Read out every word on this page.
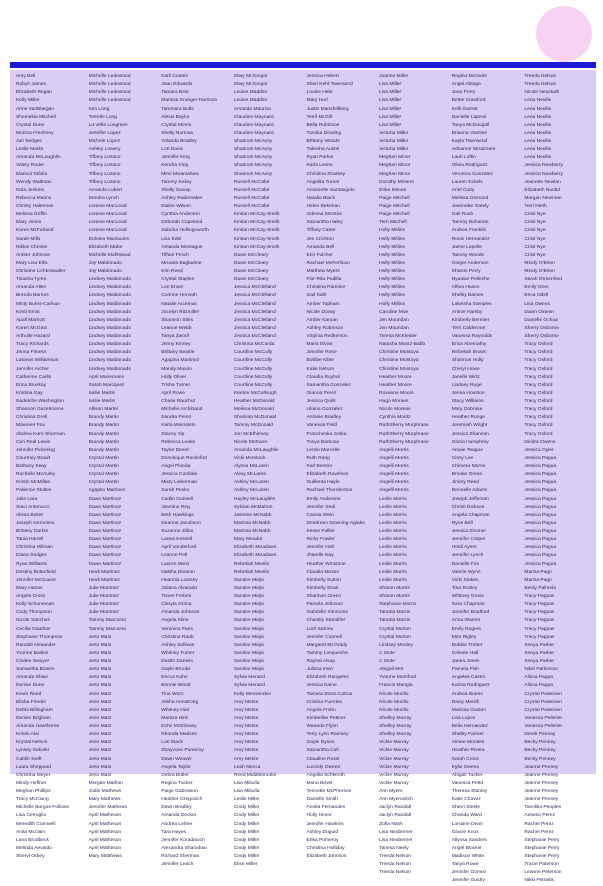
Amy Bell
Robyn James
Elizabeth Regan
Kelly Miller
Anne VanBlargan
Shemekia Mitchell
Crystal Dunn
Monica Freshney
Juri Sedges
Leslie Marks
Amanda McLaughlin
Valery Rader
Marisol Tafolla
Wendy Waltman
Nola Jenkins
Rebecca Manns
Christy Halteman
Melissa Griffin
Mary Jones
Karen McFarland
Sarah Mills
Nikkie Christie
Amber Johnson
Mary Lisa Ellis
Christine Lichtenwalter
Tisasha Tyres
Amanda Allen
Brenda Barnes
Misty Burns-Carlson
Kesti Ernst
Apall Marriott
Karen McGinn
Arthulle Hazard
Tracy Richards
Jenna Fitness
Latoeas Williamson
Jennifer Archer
Catherine Carlin
Erica Bruskay
Kristina Gay
Nadetche Washington
Shannon Gazelmorne
Christina Grell
Maureen Fox
Abdrea Korn-Sherman
Ceri Real Lewis
Jennifer Pickering
Courtney Brault
Bethany Seay
Racheile McAuley
Kristin McMillan
Patience Stultes
Julie Lara
Staci Antonucci
Alissa Boker
Joseph Geronimo
Brittany Durbin
Tania Harrell
Christina Hillman
Diana Sedges
Ryan Williams
Destiny Butterfield
Jennifer McGuaire
Mary Hamer
Angela Cross
Kelly Schuneman
Cody Thompson
Nicole Sanchez
Cecilia Gauthier
Stephanie Thompson
Randall Alexander
Yvonne Baskin
Cindee Swoyer
Samantha Bowen
Amanda Shaw
Denise Dunn
Kevin Reed
Elisha Friedel
Debbi Billingham
Denise Brigham
Amanda Hawthorne
Kristin Alai
Krystal Nelson
Lynsey Sokoler
Caitlin Swift
Laura Sheppard
Christina Meyer
Mindy Heffner
Meghan Phillips
Tracy McClung
Michelle Burgos-Follows
Lisa Cerruglio
Meredith Cornwell
Anita Mcclain
Lana Brodbeck
Melinda Aevaldo
Sheryl Orbey
Michelle Ledewood
Michelle Ledewood
Michelle Ledewood
Michelle Ledewood
Kim Long
Terrelle Long
La Vella Longmire
Jennifer Lopez
Michele Lopez
Ashley Lowery
Tiffany Lozano
Tiffany Lozano
Tiffany Lozano
Tiffany Lozano
Amanda Lubert
Deedra Lynch
Leanne MacLeod
Leanne MacLeod
Leanne MacLeod
Leanne MacLeod
Dolores Maclaurim
Elizabeth Mabe
Michelle Mahlstead
Joy Maldonado
Joy Maldonado
Lindsey Maldonado
Lindsey Maldonado
Lindsey Maldonado
Lindsey Maldonado
Lindsey Maldonado
Lindsey Maldonado
Lindsey Maldonado
Lindsey Maldonado
Lindsey Maldonado
Lindsey Maldonado
Lindsey Maldonado
Lindsey Maldonado
April Manemann
Sarah Marcquez
Ianlie Martin
Ianlie Martin
Allison Martel
Brandy Martin
Brandy Martin
Brandy Martin
Brandy Martin
Brandy Martin
Crystal Martin
Crystal Martin
Crystal Martin
Crystal Martin
Agapito Martinez
Dawn Martinez
Dawn Martinez
Dawn Martinez
Dawn Martinez
Dawn Martinez
Dawn Martinez
Dawn Martinez
Dawn Martinez
Dawn Martinez
Heidi Martinez
Heidi Martinez
Julie Martinez
Julie Martinez
Julie Martinez
Julie Martinez
Tammy Marcurso
Tammy Marcurso
Jenn Mast
Jenn Mast
Jenn Mast
Jenn Mast
Jenn Mast
Jenn Mast
Jenn Mast
Jenn Mast
Jenn Mast
Jenn Mast
Jenn Mast
Jenn Mast
Jenn Mast
Jenn Mast
Jenn Mast
Jenn Mast
Jenn Mast
Jenn Mast
Morgan Mathon
Jodie Mathews
Mary Mathews
Jennifer Mathews
April Matheson
April Matheson
April Matheson
April Matheson
April Matheson
Mary Matthews
Karli Coates
Jean Edwards
Tamara Best
Marissa Krueger-Harrison
Tammara Bulls
Alexis Baylor
Crystal Morris
Shelly Norman
Yolanda Bradley
Lori Davis
Jennifer King
Kendra King
Mimi Mwaniahwa
Tammy Keiley
Shelly Swoop
Ashley Rademaker
Elaine Wilson
Cynthia Anderson
Deborah Copeland
Sabrina Hollingsworth
Lisa Edel
Amanda Montague
Tiffani Frisch
Micaela Bagladme
Kim Reed
Crystal Staples
Lori Enser
Corinne Horvath
Natalie Arcemas
Jocelyn Ritzmiller
Shannon Sites
Leanne Webb
Tanya Zwoof
Jenny Kinney
Brittany Beattie
Agapina Martinez
Mandy Mason
Holly Oliver
Trisha Turner
April Rowe
Chase Rauchut
Michelle Archiband
Sandra Perez
Karla Weinstein
Stacey Yip
Rebecca Leake
Taylor Deere
Dominique Rockefort
Angel Pineda
Jessica Cordiala
Misty Lieberman
Sarah Pesko
Caitlin Gunnell
Jasmine Reg
Beth Hawkings
Deanna Jacobson
Suzanne Jibbs
Lanea Kessell
April Vanderford
Leanne Pell
Lauren West
Nakiha Draxton
Heannia Lowney
Juliana Alvarado
Tonee Forbes
Claryta Grima
Amanda Johnson
Angela Kline
Veronica Paris
Christina Raub
Ashley Sullivan
Whitney Turner
Dustin Daniels
Gayle Brooks
Ericca Kuhn
Bonnie Wood
Tina Worn
Alisha Armstrong
Whitney Hart
Maritza Hird
Echo McElreavy
Rhonda Madsen
Lori Stack
Shayvone Pomeroy
Dawn Weaver
Angela Taylor
Debra Butler
Regina Tucker
Paige Gabriason
Heather Gregovich
Dawn Bradley
Amanda Decker
Andrea Lehrer
Tara Hayes
Jennifer Koradanich
Alexandra Shanahan
Richard Sherman
Jennifer Leach
Mary McGregor
Mary McGregor
Louise Madden
Louise Madden
Amanda Maurcia
Claudine Maynard
Claudine Maynard
Claudine Maynard
Shannon McAvoy
Shannon McAvoy
Shannon McAvoy
Shannon McAvoy
Shannon McAvoy
Russell McCabe
Russell McCabe
Russell McCabe
Russell McCabe
Kimlan McCay-Smith
Kimlan McCay-Smith
Kimlan McCay-Smith
Kimlan McCay-Smith
Kimlan McCay-Smith
Dawn McCleary
Dawn McCleary
Dawn McCleary
Dawn McCleary
Jessica McClelland
Jessica McClelland
Jessica McClelland
Jessica McClelland
Jessica McClelland
Jessica McClelland
Jessica McClelland
Christina McCorda
Courtline McCully
Courtline McCully
Courtline McCully
Courtline McCully
Courtline McCully
Keeton McCullough
Heather McDonald
Melissa McDonald
Sharissa McDonald
Tammy McDonald
Jon McElhinney
Nicole McEwen
Amanda McLaughlin
Vicki McIntosh
Alyssa McLaren
Alexy McLaren
Ashley McLaren
Ashley McLaren
Hayley McLaughlin
Sylvian McMahon
Jasmine McNabb
Marissa McNabb
Marissa McNabb
Mary Meador
Elizabeth Meadows
Elizabeth Meadows
Rebekah Meeks
Rebekah Meeks
Sandee Mejia
Sandee Mejia
Sandee Mejia
Sandee Mejia
Sandee Mejia
Sandee Mejia
Sandee Mejia
Sandee Mejia
Sandee Mejia
Sandee Mejia
Sandee Mejia
Sandee Mejia
Sylvia Menard
Sylvia Menard
Kelly Messenden
Amy Metze
Amy Metze
Amy Metze
Amy Metze
Amy Metze
Amy Metze
Amy Metze
Amy Metze
Leah Mecca
Reed Middlebrooke
Lisa Mikulla
Lisa Mikulla
Leslie Miller
Cindy Miller
Cindy Miller
Cindy Miller
Cindy Miller
Cindy Miller
Cindy Miller
Cindy Miller
Elise Miller
Jessica Hebert
Sheri Kehl-Townsend
Louise Hebr
Mary Hurl
Justin Mansfellberg
Terril McGill
Bella Robinson
Tumika Dowling
Brittany Woods
Takesha Austin
Ryan Parker
Karla Leone
Christina Sharkey
Angelita Turner
Antoinette Santangelo
Natalia Black
Helen Bekenan
Odessa McIntire
Samantha Haley
Tiffany Carter
Jen Crichton
Amanda Bell
Erin Fulcher
Rachael McFerlican
Matthew Myers
Flor-Rita Padilla
Christina Ramirez
Gail Sahl
Amber Topham
Nicole Dovay
Amber Kaman
Ashley Robinson
Virginia Redkerson
Maria Elvan
Jennifer Rose
Bobbie Kline
Katie Nelson
Claudia Ruybal
Samantha Gonzalez
Gianna Perez
Jessica Quirk
Liliana Gonzalez
Antonie Bradley
Vanessa Field
Francheska Jonka
Tonya Barbosa
Lerzie Marcelle
Ruth Rarig
Karl Benton
Elizabeth Ravelson
Guillenta Hayle
Rachael Thornberton
Emily Anderson
Jennifer Sedi
Cassia Stein
Deirdreen Downing-Agiake
Kesse Fulller
Richy Fowler
Jennifer Hull
Jharelle Nay
Heather Winstone
Claudia Moses
Kimberly Sutton
Kimberly Strait
Shannon Green
Pamela Johnson
Gabrielle Simmons
Chastity Standifer
Lorri Sarnes
Jennifer Connell
Margaret McGrady
Tammy Longuesfor
Rayeal Alsup
Julissa Irwin
Elizabeth Rangeles
Jessica Kaine
Tamara Stoss-Cobos
Cristina Fuentes
Angela Frohn
Kimberlite Pettner
Waneda Flynn
Terry Lynn Ramsey
Gayle Dyson
Samantha Cull
Claudine Rossi
Lucindy Owens
Angelia Schlereth
Mona Bevel
Tennette McPherson
Danielle Smith
Annita Fernandes
Holly Hines
Jennifer Hawkins
Ashley Duguid
Erika Pomeroy
Christina Holliday
Elizabeth Johnson
Joanne Miller
Lisa Miller
Lisa Miller
Lisa Miller
Lisa Miller
Lisa Miller
Lisa Miller
Victoria Miller
Victoria Miller
Victoria Miller
Meghan Miner
Meghan Minor
Meghan Minor
Dorothy Mintero
Erika Minute
Paige Mitchell
Paige Mitchell
Paige Mitchell
Terri Mitchell
Holly Millins
Holly Millins
Holly Millins
Holly Millins
Holly Millins
Holly Millins
Holly Millins
Holly Millins
Holly Millins
Holly Millins
Caroline Moe
Jen Mouridan
Jen Mouridan
Teresa McKlester
Natasha Montz-Babb
Christine Montoya
Christine Montoya
Christine Montoya
Heather Moore
Heather Moore
Roxanne Moore
Hugo Moraes
Nicole Moreau
Cynthia Moritz
RuthSherry Murphrase
RuthSherry Murphrase
RuthSherry Murphrase
Angelli Morris
Angelli Morris
Angelli Morris
Angelli Morris
Angelli Morris
Angelli Morris
Leslie Morris
Leslie Morris
Leslie Morris
Leslie Morris
Leslie Morris
Leslie Morris
Leslie Morris
Leslie Morris
Leslie Morris
Leslie Morris
Leslie Morris
Sharon Morris
Sharon Morris
Stephanie Morris
Tanaria Morris
Tanaria Morris
Crystal Morton
Crystal Morton
Lindsey Mosley
C Mote
C Mote
Abigail Mot
Yvonne Mumford
Francis Mungia
Nicole Murillo
Nicole Murillo
Nicole Murillo
Shelley Murray
Shelley Murray
Shelley Murray
Vickie Murray
Vickie Murray
Vickie Murray
Vickie Murray
Vickie Murray
Vickie Murray
Ann Myers
Ann Myerovitch
Jaclyn Randall
Jaclyn Randall
Zofia Nash
Lisa Neuberner
Lisa Neuberner
Tanesa Neely
Treeda Nelson
Treeda Nelson
Treeda Nelson
Regina McGuire
Angel Abtage
Jean Perry
Bettie Crawford
Kelli Garrett
Danielle Lapeck
Tanya McDougall
Brianna VanDen
Kayla Townsend
Adrianne Wissimore
Lauri Loftin
Olivia Rodriguez
Veronica Gonzalez
Lauren Eckels
Ariel Cutty
Melissa Osmond
Jeannette Gately
Gail Rush
Tammy Bohanan
Andrea Franklin
Rosie Hernandez
Jaime Lapelle
Tammy Woods
Ginger Anderson
Sharon Perry
Nyasian Pelleshe
Alfiea Hasen
Shelby Bames
Lakeisha Samples
Arieze Hamby
Kimberly Bermier
Terri Calderone
Vanessa Raynolds
Erica Abernathy
Rebekah Brown
Shannon Holly
Cheryl Howe
Janelle Wirtz
Lindsey Ruge
Jenna Houston
Stacy Williams
Mary Dobruke
Heather Runge
Jeremiah Wright
Jessica Shannon
Gloria Humphrey
Amaie Teague
Cissy Lee
Chimera Morris
Brooke Green
Jimmy Reed
Dennelle Adams
Joseph Jefferson
Christi Dickson
Angela Chapman
Ryne Brill
Jessica Zimmer
Jennifer Carper
Heidi Ayers
Jennifer Lynch
Danielle Fox
Valerie Wynn
Vicki Stokes
Tina Rosley
Whitney Gross
Sara Chapman
Jennifer Bradford
Anna Warren
Emily Rogers
Mira Rigley
Bobbie Trotter
Celeste Hall
Janea Jones
Pamela Fish
Angelea Castro
Karina Rodriguez
Andrea Bueno
Daisy Merrill
Marissa Gaston
Lisa Lopez
Belia Hernandez
Shelby Farmer
Aimee Morales
Heather Rivera
Sarah Cross
Kylie Owens
Abigail Tucker
Vanessa Pettit
Theresa Stanley
Katie Chavez
Sherri Steele
Chanda Ward
Lorraine Dean
Gracie Knox
Allyssa Sanders
Angel Blocker
Madison White
Tanya Rowe
Jennifer Gomez
Jennifer Guidry
Treeda Nelson
Treeda Nelson
Nicole Neustadt
Lena Neville
Lena Neville
Lena Neville
Lena Neville
Lena Neville
Lena Neville
Lena Neville
Lena Neville
Jessica Newberry
Jessica Newberry
Jeanette Newlan
Elizabeth Nuntid
Morgan Newman
Terri Nieth
Cristi Nye
Cristi Nye
Cristi Nye
Cristi Nye
Cristi Nye
Cristi Nye
Mindy O'Brien
Mindy O'Brien
Sarah Ormenhed
Emily Oner
Erica Odell
Lisa Owens
Dawn Ostenn
Danielle Ochoa
Sherry Osborne
Sherry Osborne
Tracy Oxford
Tracy Oxford
Tracy Oxford
Tracy Oxford
Tracy Oxford
Tracy Oxford
Tracy Oxford
Tracy Oxford
Tracy Oxford
Tracy Oxford
Tracy Oxford
Tracy Oxford
Deidra Owens
Jessica Oyler
Jessica Pagua
Jessica Pagua
Jessica Pagua
Jessica Pagua
Jessica Pagua
Jessica Pagua
Jessica Pagua
Jessica Pagua
Jessica Pagua
Jessica Pagua
Jessica Pagua
Jessica Pagua
Jessica Pagua
Jessica Pagua
Marisa Page
Marisa Page
Benty Palmela
Tracy Pappas
Tracy Pappas
Tracy Pappas
Tracy Pappas
Tracy Pappas
Tracy Pappas
Sonya Parker
Sonya Parker
Sonya Parker
Nikki Parkinson
Alissa Pappa
Alissa Pappa
Crystal Pedersen
Crystal Pedersen
Crystal Pedersen
Vanessa Pelletier
Vanessa Pelletier
Derek Pennay
Becky Penney
Becky Penney
Becky Penney
Jeanne Penney
Jeanne Penney
Jeanne Penney
Jeanne Penney
Jeanne Penney
Tamilika Peoples
Antonio Perez
Rachel Perez
Rachel Perez
Stephanie Perry
Stephanie Perry
Stephanie Perry
Tracie Paterson
Leanne Peterson
Nikki Petraitis
